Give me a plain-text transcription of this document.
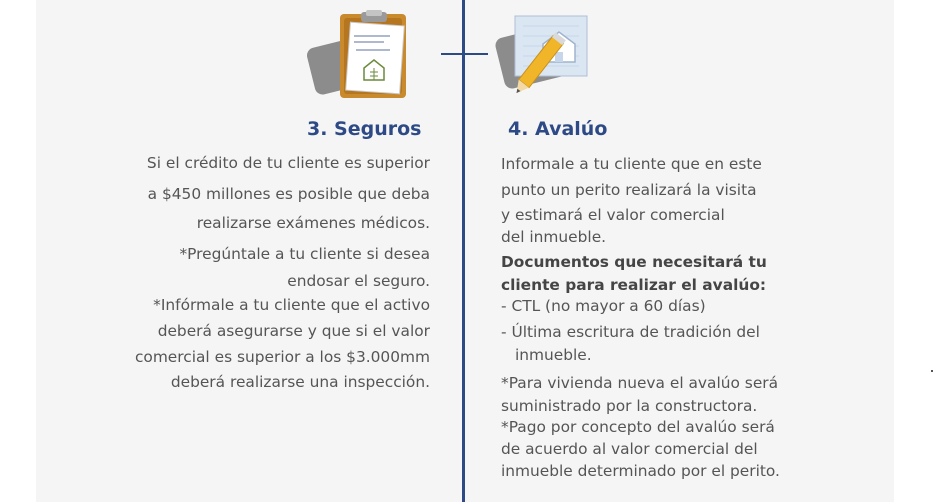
3. Seguros
Si el crédito de tu cliente es superior
a $450 millones es posible que deba
realizarse exámenes médicos.
*Pregúntale a tu cliente si desea
endosar el seguro.
*Infórmale a tu cliente que el activo
deberá asegurarse y que si el valor
comercial es superior a los $3.000mm
deberá realizarse una inspección.
4. Avalúo
Informale a tu cliente que en este
punto un perito realizará la visita
y estimará el valor comercial
del inmueble.
Documentos que necesitará tu
cliente para realizar el avalúo:
- CTL (no mayor a 60 días)
- Última escritura de tradición del
inmueble.
*Para vivienda nueva el avalúo será
suministrado por la constructora.
*Pago por concepto del avalúo será
de acuerdo al valor comercial del
inmueble determinado por el perito.
